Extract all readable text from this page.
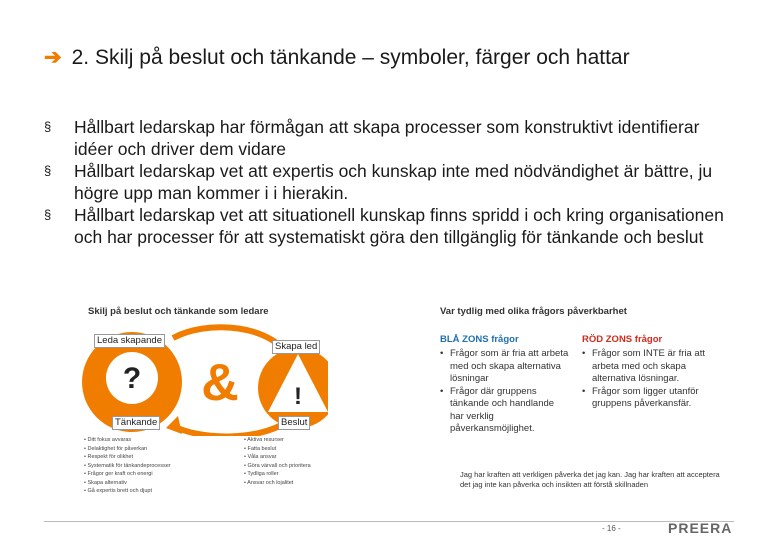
➔ 2. Skilj på beslut och tänkande – symboler, färger och hattar
§ Hållbart ledarskap har förmågan att skapa processer som konstruktivt identifierar idéer och driver dem vidare
§ Hållbart ledarskap vet att expertis och kunskap inte med nödvändighet är bättre, ju högre upp man kommer i i hierakin.
§ Hållbart ledarskap vet att situationell kunskap finns spridd i och kring organisationen och har processer för att systematiskt göra den tillgänglig för tänkande och beslut
Skilj på beslut och tänkande som ledare
? & !
Leda skapande
Skapa led
Tänkande	Beslut
• Ditt fokus avvaras
• Delaktighet för påverkan
• Respekt för olikhet
• Systematik för tänkandeprocesser
• Frågor ger kraft och energi
• Skapa alternativ
• Gå expertis brett och djupt
• Aktiva resurser
• Fatta beslut
• Våla ansvar
• Göra värvall och prioritera
• Tydliga roller
• Ansvar och lojalitet
Var tydlig med olika frågors påverkbarhet
BLÅ ZONS frågor
• Frågor som är fria att arbeta med och skapa alternativa lösningar
• Frågor där gruppens tänkande och handlande har verklig påverkansmöjlighet.
RÖD ZONS frågor
• Frågor som INTE är fria att arbeta med och skapa alternativa lösningar.
• Frågor som ligger utanför gruppens påverkansfär.
Jag har kraften att verkligen påverka det jag kan. Jag har kraften att acceptera det jag inte kan påverka och insikten att förstå skillnaden
- 16 -	PREERA
